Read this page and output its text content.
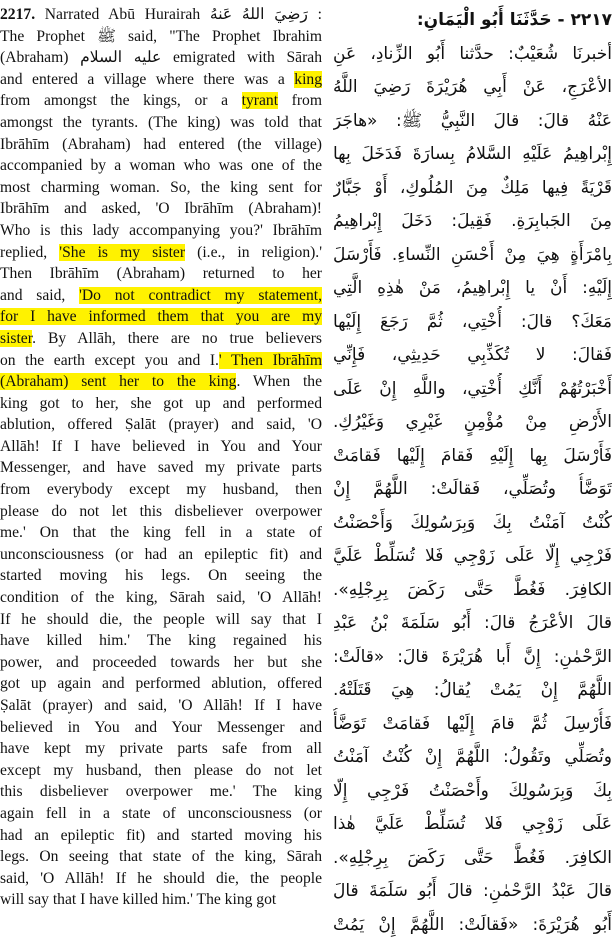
2217. Narrated Abū Hurairah رَضِيَ اللهُ عَنهُ :
The Prophet ﷺ said, "The Prophet Ibrahim
(Abraham) عليه السلام emigrated with Sārah
and entered a village where there was a king
from amongst the kings, or a tyrant from
amongst the tyrants. (The king) was told that
Ibrāhīm (Abraham) had entered (the village)
accompanied by a woman who was one of the
most charming woman. So, the king sent for
Ibrāhīm and asked, 'O Ibrāhīm (Abraham)!
Who is this lady accompanying you?' Ibrāhīm
replied, 'She is my sister (i.e., in religion).'
Then Ibrāhīm (Abraham) returned to her
and said, 'Do not contradict my statement,
for I have informed them that you are my
sister. By Allāh, there are no true believers
on the earth except you and I.' Then Ibrāhīm
(Abraham) sent her to the king. When the
king got to her, she got up and performed
ablution, offered Ṣalāt (prayer) and said, 'O
Allāh! If I have believed in You and Your
Messenger, and have saved my private parts
from everybody except my husband, then
please do not let this disbeliever overpower
me.' On that the king fell in a state of
unconsciousness (or had an epileptic fit) and
started moving his legs. On seeing the
condition of the king, Sārah said, 'O Allāh!
If he should die, the people will say that I
have killed him.' The king regained his
power, and proceeded towards her but she
got up again and performed ablution, offered
Ṣalāt (prayer) and said, 'O Allāh! If I have
believed in You and Your Messenger and
have kept my private parts safe from all
except my husband, then please do not let
this disbeliever overpower me.' The king
again fell in a state of unconsciousness (or
had an epileptic fit) and started moving his
legs. On seeing that state of the king, Sārah
said, 'O Allāh! If he should die, the people
will say that I have killed him.' The king got
٢٢١٧ - حَدَّثَنَا أَبُو الْيَمَانِ:
أخبرنَا شُعَيْبٌ: حدَّثنا أَبُو الزِّنادِ، عَنِ
الأعْرَجِ، عَنْ أَبِي هُرَيْرَةَ رَضِيَ اللَّهُ
عَنْهُ قالَ: قالَ النَّبِيُّ ﷺ: «هاجَرَ
إِبْراهِيمُ عَلَيْهِ السَّلامُ بِسارَةَ فَدَخَلَ بِها
قَرْيَةً فِيها مَلِكٌ مِنَ المُلُوكِ، أَوْ جَبَّارٌ
مِنَ الجَبابِرَةِ. فَقِيلَ: دَخَلَ إِبْراهِيمُ
بِامْرَأَةٍ هِيَ مِنْ أَحْسَنِ النِّساءِ. فَأَرْسَلَ
إِلَيْهِ: أَنْ يا إِبْراهِيمُ، مَنْ هٰذِهِ الَّتِي
مَعَكَ؟ قالَ: أُخْتِي، ثُمَّ رَجَعَ إِلَيْها
فَقالَ: لا تُكَذِّبِي حَدِيثِي، فَإِنِّي
أَخْبَرْتُهُمْ أَنَّكِ أُخْتِي، واللَّهِ إِنْ عَلَى
الأَرْضِ مِنْ مُؤْمِنٍ غَيْرِي وَغَيْرُكِ.
فَأَرْسَلَ بِها إِلَيْهِ فَقامَ إِلَيْها فَقامَتْ
تَوَضَّأُ وتُصَلِّي، فَقالَتْ: اللَّهُمَّ إِنْ
كُنْتُ آمَنْتُ بِكَ وَبِرَسُولِكَ وَأَحْصَنْتُ
فَرْجِي إِلّا عَلَى زَوْجِي فَلا تُسَلِّطْ عَلَيَّ
الكافِرَ. فَغُطَّ حَتَّى رَكَضَ بِرِجْلِهِ».
قالَ الأعْرَجُ قالَ: أَبُو سَلَمَةَ بْنُ عَبْدِ
الرَّحْمٰنِ: إِنَّ أَبا هُرَيْرَةَ قالَ: «قالَتْ:
اللَّهُمَّ إِنْ يَمُتْ يُقالُ: هِيَ قَتَلَتْهُ.
فَأُرْسِلَ ثُمَّ قامَ إِلَيْها فَقامَتْ تَوَضَّأُ
وتُصَلِّي وتَقُولُ: اللَّهُمَّ إِنْ كُنْتُ آمَنْتُ
بِكَ وَبِرَسُولِكَ وأَحْصَنْتُ فَرْجِي إِلّا
عَلَى زَوْجِي فَلا تُسَلِّطْ عَلَيَّ هٰذا
الكافِرَ. فَغُطَّ حَتَّى رَكَضَ بِرِجْلِهِ».
قالَ عَبْدُ الرَّحْمٰنِ: قالَ أَبُو سَلَمَةَ قالَ
أَبُو هُرَيْرَةَ: «فَقالَتْ: اللَّهُمَّ إِنْ يَمُتْ
